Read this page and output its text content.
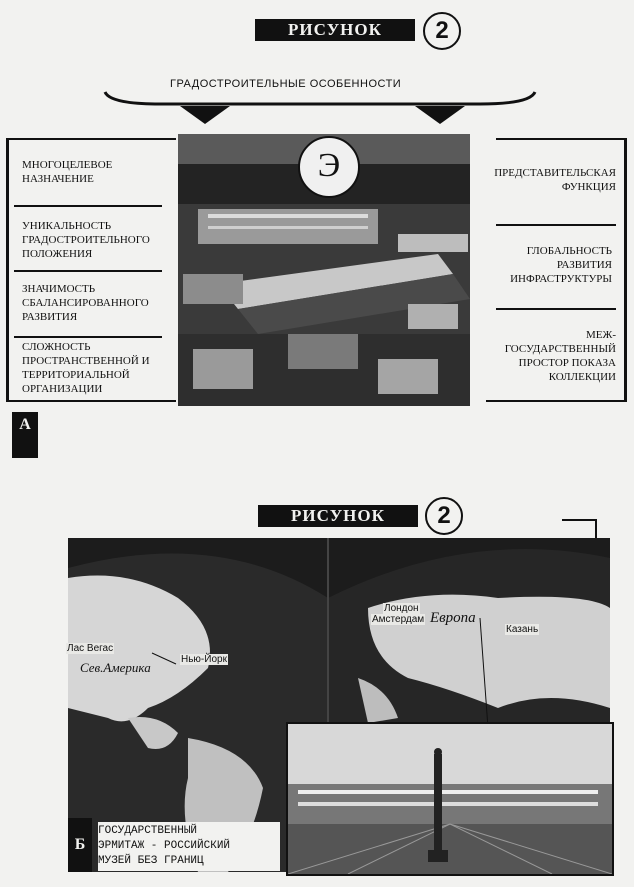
РИСУНОК	2
ГРАДОСТРОИТЕЛЬНЫЕ ОСОБЕННОСТИ
Э
МНОГОЦЕЛЕВОЕ НАЗНАЧЕНИЕ
УНИКАЛЬНОСТЬ ГРАДОСТРОИТЕЛЬНОГО ПОЛОЖЕНИЯ
ЗНАЧИМОСТЬ СБАЛАНСИРОВАННОГО РАЗВИТИЯ
СЛОЖНОСТЬ ПРОСТРАНСТВЕННОЙ И ТЕРРИТОРИАЛЬНОЙ ОРГАНИЗАЦИИ
ПРЕДСТАВИТЕЛЬСКАЯ ФУНКЦИЯ
ГЛОБАЛЬНОСТЬ РАЗВИТИЯ ИНФРАСТРУКТУРЫ
МЕЖ-ГОСУДАРСТВЕННЫЙ ПРОСТОР ПОКАЗА КОЛЛЕКЦИИ
А
РИСУНОК	2
Лас Вегас
Сев.Америка
Нью-Йорк
Лондон
Амстердам Европа
Казань
Б
ГОСУДАРСТВЕННЫЙ
ЭРМИТАЖ - РОССИЙСКИЙ
МУЗЕЙ БЕЗ ГРАНИЦ
